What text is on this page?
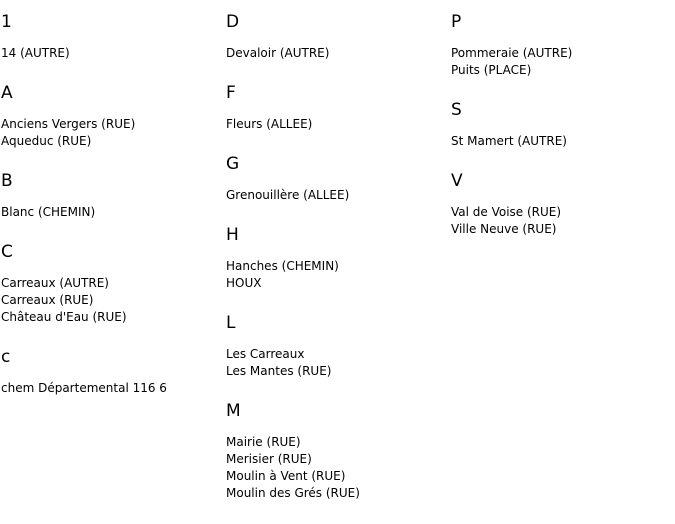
1
14 (AUTRE)
A
Anciens Vergers (RUE)
Aqueduc (RUE)
B
Blanc (CHEMIN)
C
Carreaux (AUTRE)
Carreaux (RUE)
Château d'Eau (RUE)
c
chem Départemental 116 6
D
Devaloir (AUTRE)
F
Fleurs (ALLEE)
G
Grenouillère (ALLEE)
H
Hanches (CHEMIN)
HOUX
L
Les Carreaux
Les Mantes (RUE)
M
Mairie (RUE)
Merisier (RUE)
Moulin à Vent (RUE)
Moulin des Grés (RUE)
P
Pommeraie (AUTRE)
Puits (PLACE)
S
St Mamert (AUTRE)
V
Val de Voise (RUE)
Ville Neuve (RUE)
